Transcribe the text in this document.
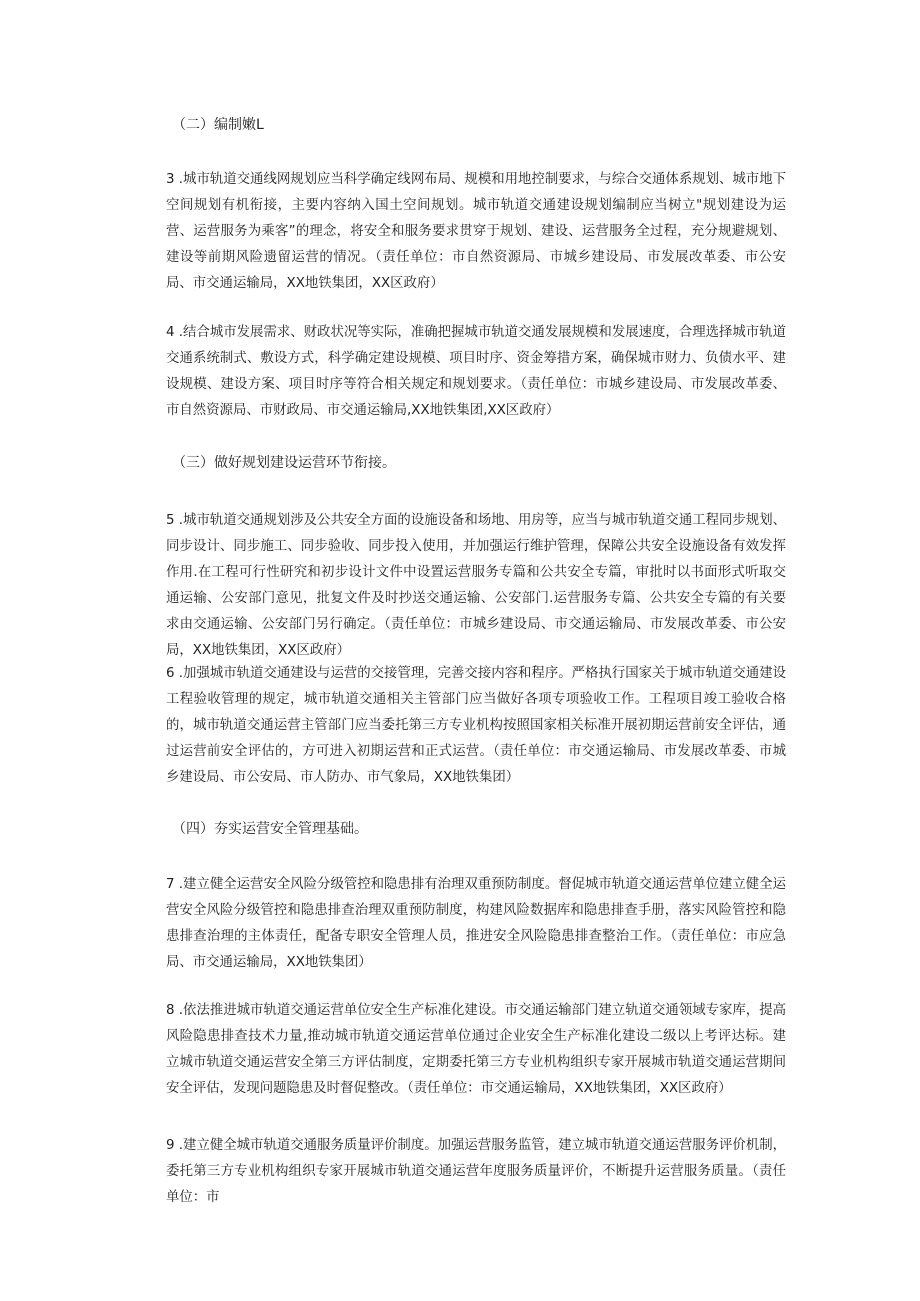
（二）编制嫩L

3 .城市轨道交通线网规划应当科学确定线网布局、规模和用地控制要求，与综合交通体系规划、城市地下空间规划有机衔接，主要内容纳入国土空间规划。城市轨道交通建设规划编制应当树立"规划建设为运营、运营服务为乘客”的理念，将安全和服务要求贯穿于规划、建设、运营服务全过程，充分规避规划、建设等前期风险遗留运营的情况。（责任单位：市自然资源局、市城乡建设局、市发展改革委、市公安局、市交通运输局，XX地铁集团，XX区政府）

4 .结合城市发展需求、财政状况等实际，准确把握城市轨道交通发展规模和发展速度，合理选择城市轨道交通系统制式、敷设方式，科学确定建设规模、项目时序、资金筹措方案，确保城市财力、负债水平、建设规模、建设方案、项目时序等符合相关规定和规划要求。（责任单位：市城乡建设局、市发展改革委、市自然资源局、市财政局、市交通运输局,XX地铁集团,XX区政府）

（三）做好规划建设运营环节衔接。

5 .城市轨道交通规划涉及公共安全方面的设施设备和场地、用房等，应当与城市轨道交通工程同步规划、同步设计、同步施工、同步验收、同步投入使用，并加强运行维护管理，保障公共安全设施设备有效发挥作用.在工程可行性研究和初步设计文件中设置运营服务专篇和公共安全专篇，审批时以书面形式听取交通运输、公安部门意见，批复文件及时抄送交通运输、公安部门.运营服务专篇、公共安全专篇的有关要求由交通运输、公安部门另行确定。（责任单位：市城乡建设局、市交通运输局、市发展改革委、市公安局，XX地铁集团，XX区政府）

6 .加强城市轨道交通建设与运营的交接管理，完善交接内容和程序。严格执行国家关于城市轨道交通建设工程验收管理的规定，城市轨道交通相关主管部门应当做好各项专项验收工作。工程项目竣工验收合格的，城市轨道交通运营主管部门应当委托第三方专业机构按照国家相关标准开展初期运营前安全评估，通过运营前安全评估的，方可进入初期运营和正式运营。（责任单位：市交通运输局、市发展改革委、市城乡建设局、市公安局、市人防办、市气象局，XX地铁集团）

（四）夯实运营安全管理基础。

7 .建立健全运营安全风险分级管控和隐患排有治理双重预防制度。督促城市轨道交通运营单位建立健全运营安全风险分级管控和隐患排查治理双重预防制度，构建风险数据库和隐患排查手册，落实风险管控和隐患排查治理的主体责任，配备专职安全管理人员，推进安全风险隐患排查整治工作。（责任单位：市应急局、市交通运输局，XX地铁集团）

8 .依法推进城市轨道交通运营单位安全生产标准化建设。市交通运输部门建立轨道交通领域专家库，提高风险隐患排查技术力量,推动城市轨道交通运营单位通过企业安全生产标准化建设二级以上考评达标。建立城市轨道交通运营安全第三方评估制度，定期委托第三方专业机构组织专家开展城市轨道交通运营期间安全评估，发现问题隐患及时督促整改。（责任单位：市交通运输局，XX地铁集团，XX区政府）

9 .建立健全城市轨道交通服务质量评价制度。加强运营服务监管，建立城市轨道交通运营服务评价机制，委托第三方专业机构组织专家开展城市轨道交通运营年度服务质量评价，不断提升运营服务质量。（责任单位：市
